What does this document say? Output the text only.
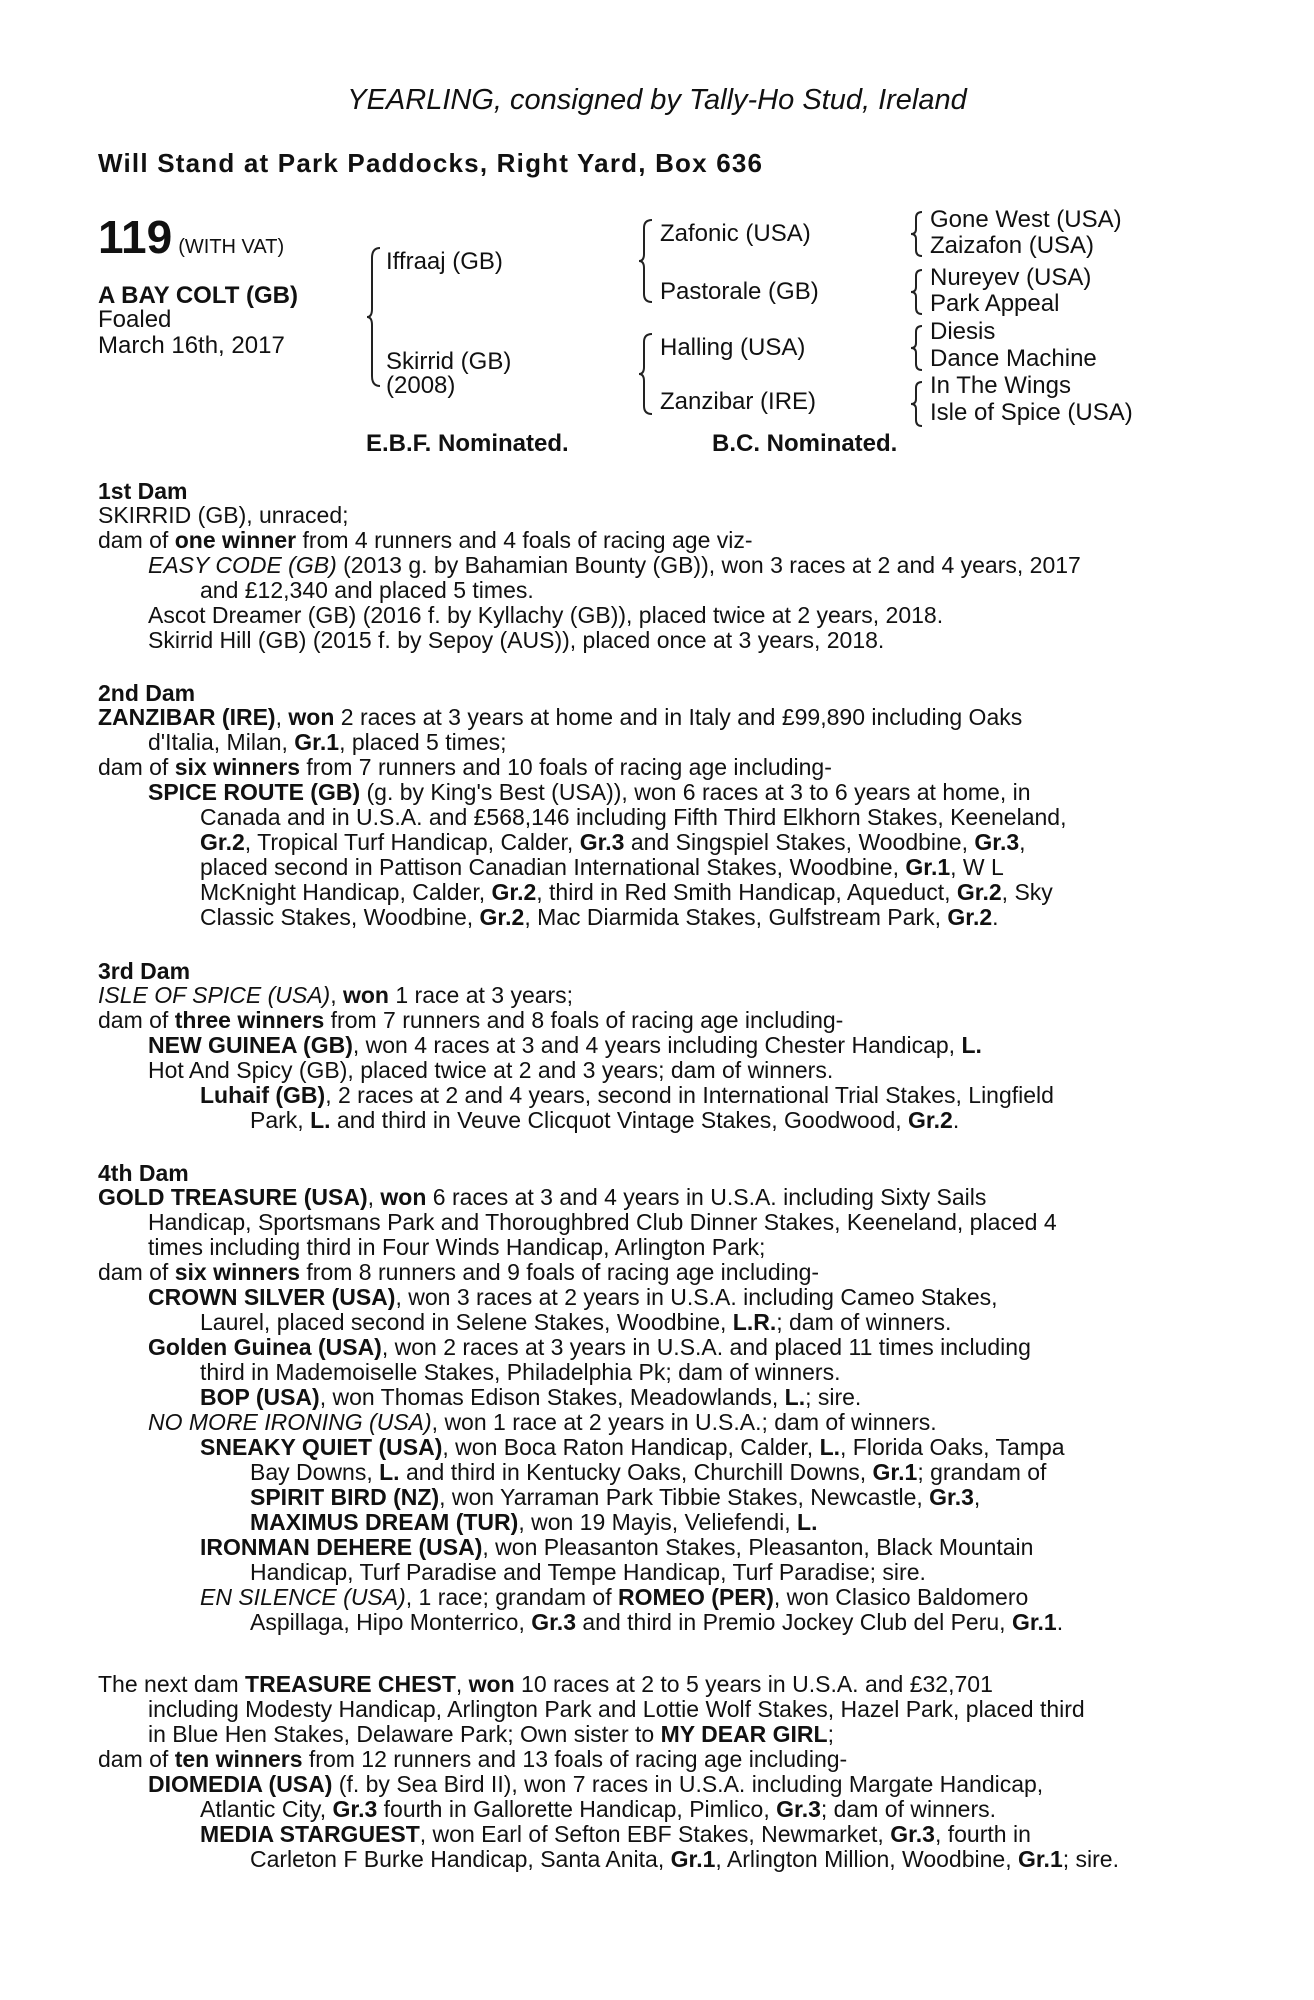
YEARLING, consigned by Tally-Ho Stud, Ireland
Will Stand at Park Paddocks, Right Yard, Box 636
119 (WITH VAT)
A BAY COLT (GB)
Foaled
March 16th, 2017
Iffraaj (GB)
Skirrid (GB)
(2008)
Zafonic (USA)
Pastorale (GB)
Halling (USA)
Zanzibar (IRE)
Gone West (USA)
Zaizafon (USA)
Nureyev (USA)
Park Appeal
Diesis
Dance Machine
In The Wings
Isle of Spice (USA)
E.B.F. Nominated.	B.C. Nominated.
1st Dam
SKIRRID (GB), unraced;
dam of one winner from 4 runners and 4 foals of racing age viz-
EASY CODE (GB) (2013 g. by Bahamian Bounty (GB)), won 3 races at 2 and 4 years, 2017
and £12,340 and placed 5 times.
Ascot Dreamer (GB) (2016 f. by Kyllachy (GB)), placed twice at 2 years, 2018.
Skirrid Hill (GB) (2015 f. by Sepoy (AUS)), placed once at 3 years, 2018.
2nd Dam
ZANZIBAR (IRE), won 2 races at 3 years at home and in Italy and £99,890 including Oaks
d'Italia, Milan, Gr.1, placed 5 times;
dam of six winners from 7 runners and 10 foals of racing age including-
SPICE ROUTE (GB) (g. by King's Best (USA)), won 6 races at 3 to 6 years at home, in
Canada and in U.S.A. and £568,146 including Fifth Third Elkhorn Stakes, Keeneland,
Gr.2, Tropical Turf Handicap, Calder, Gr.3 and Singspiel Stakes, Woodbine, Gr.3,
placed second in Pattison Canadian International Stakes, Woodbine, Gr.1, W L
McKnight Handicap, Calder, Gr.2, third in Red Smith Handicap, Aqueduct, Gr.2, Sky
Classic Stakes, Woodbine, Gr.2, Mac Diarmida Stakes, Gulfstream Park, Gr.2.
3rd Dam
ISLE OF SPICE (USA), won 1 race at 3 years;
dam of three winners from 7 runners and 8 foals of racing age including-
NEW GUINEA (GB), won 4 races at 3 and 4 years including Chester Handicap, L.
Hot And Spicy (GB), placed twice at 2 and 3 years; dam of winners.
Luhaif (GB), 2 races at 2 and 4 years, second in International Trial Stakes, Lingfield
Park, L. and third in Veuve Clicquot Vintage Stakes, Goodwood, Gr.2.
4th Dam
GOLD TREASURE (USA), won 6 races at 3 and 4 years in U.S.A. including Sixty Sails
Handicap, Sportsmans Park and Thoroughbred Club Dinner Stakes, Keeneland, placed 4
times including third in Four Winds Handicap, Arlington Park;
dam of six winners from 8 runners and 9 foals of racing age including-
CROWN SILVER (USA), won 3 races at 2 years in U.S.A. including Cameo Stakes,
Laurel, placed second in Selene Stakes, Woodbine, L.R.; dam of winners.
Golden Guinea (USA), won 2 races at 3 years in U.S.A. and placed 11 times including
third in Mademoiselle Stakes, Philadelphia Pk; dam of winners.
BOP (USA), won Thomas Edison Stakes, Meadowlands, L.; sire.
NO MORE IRONING (USA), won 1 race at 2 years in U.S.A.; dam of winners.
SNEAKY QUIET (USA), won Boca Raton Handicap, Calder, L., Florida Oaks, Tampa
Bay Downs, L. and third in Kentucky Oaks, Churchill Downs, Gr.1; grandam of
SPIRIT BIRD (NZ), won Yarraman Park Tibbie Stakes, Newcastle, Gr.3,
MAXIMUS DREAM (TUR), won 19 Mayis, Veliefendi, L.
IRONMAN DEHERE (USA), won Pleasanton Stakes, Pleasanton, Black Mountain
Handicap, Turf Paradise and Tempe Handicap, Turf Paradise; sire.
EN SILENCE (USA), 1 race; grandam of ROMEO (PER), won Clasico Baldomero
Aspillaga, Hipo Monterrico, Gr.3 and third in Premio Jockey Club del Peru, Gr.1.
The next dam TREASURE CHEST, won 10 races at 2 to 5 years in U.S.A. and £32,701
including Modesty Handicap, Arlington Park and Lottie Wolf Stakes, Hazel Park, placed third
in Blue Hen Stakes, Delaware Park; Own sister to MY DEAR GIRL;
dam of ten winners from 12 runners and 13 foals of racing age including-
DIOMEDIA (USA) (f. by Sea Bird II), won 7 races in U.S.A. including Margate Handicap,
Atlantic City, Gr.3 fourth in Gallorette Handicap, Pimlico, Gr.3; dam of winners.
MEDIA STARGUEST, won Earl of Sefton EBF Stakes, Newmarket, Gr.3, fourth in
Carleton F Burke Handicap, Santa Anita, Gr.1, Arlington Million, Woodbine, Gr.1; sire.
